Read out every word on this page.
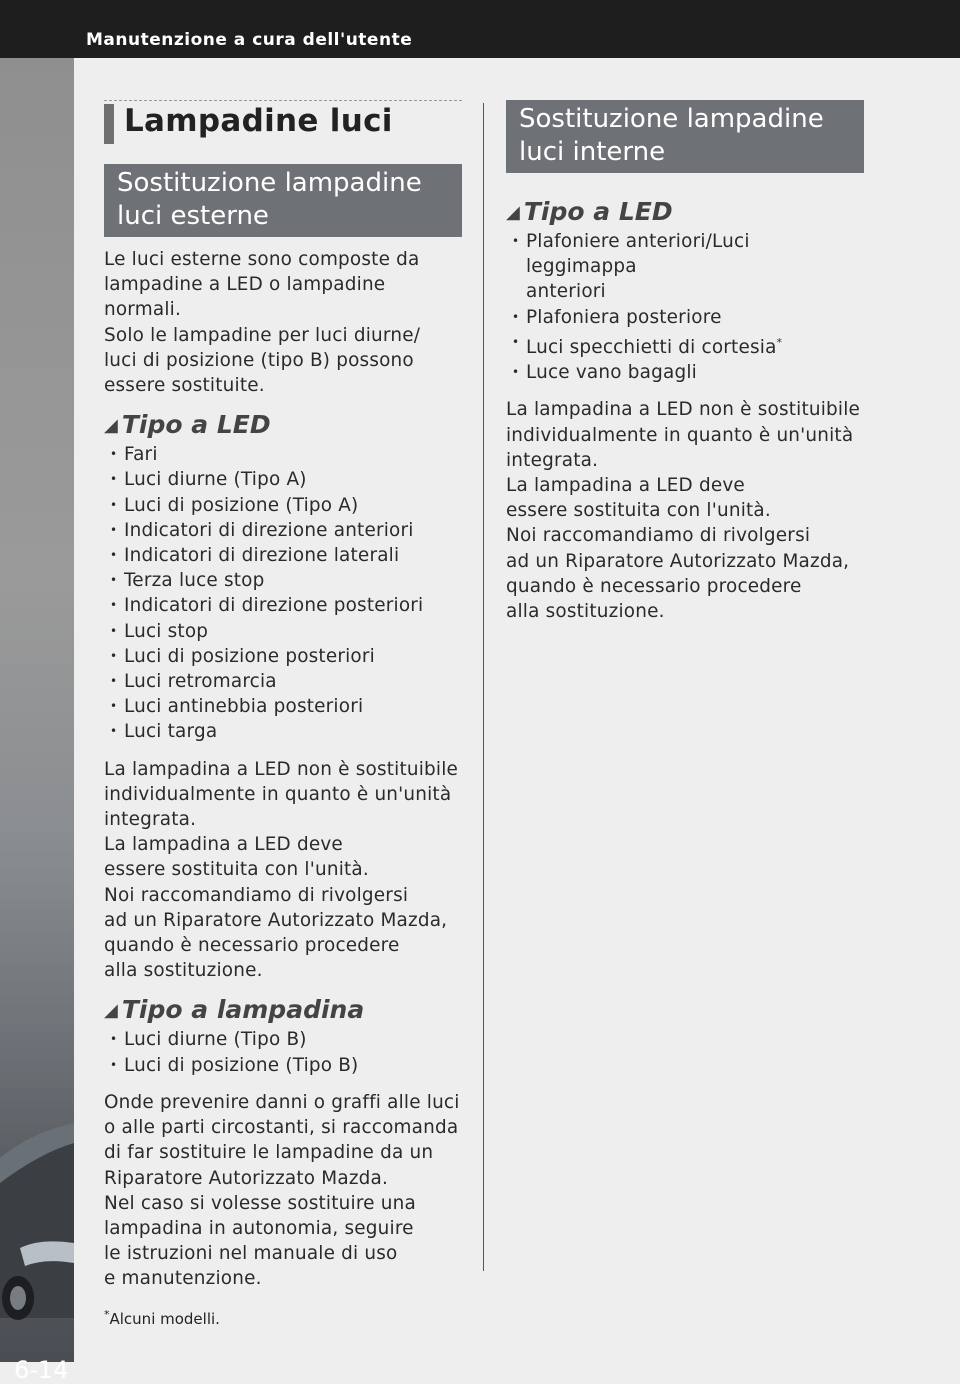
Manutenzione a cura dell'utente
6-14
Lampadine luci
Sostituzione lampadine
luci esterne

Le luci esterne sono composte da
lampadine a LED o lampadine normali.
Solo le lampadine per luci diurne/
luci di posizione (tipo B) possono
essere sostituite.

◢ Tipo a LED
• Fari
• Luci diurne (Tipo A)
• Luci di posizione (Tipo A)
• Indicatori di direzione anteriori
• Indicatori di direzione laterali
• Terza luce stop
• Indicatori di direzione posteriori
• Luci stop
• Luci di posizione posteriori
• Luci retromarcia
• Luci antinebbia posteriori
• Luci targa

La lampadina a LED non è sostituibile
individualmente in quanto è un'unità
integrata.
La lampadina a LED deve
essere sostituita con l'unità.
Noi raccomandiamo di rivolgersi
ad un Riparatore Autorizzato Mazda,
quando è necessario procedere
alla sostituzione.

◢ Tipo a lampadina
• Luci diurne (Tipo B)
• Luci di posizione (Tipo B)

Onde prevenire danni o graffi alle luci
o alle parti circostanti, si raccomanda
di far sostituire le lampadine da un
Riparatore Autorizzato Mazda.
Nel caso si volesse sostituire una
lampadina in autonomia, seguire
le istruzioni nel manuale di uso
e manutenzione.

Sostituzione lampadine
luci interne
◢ Tipo a LED
• Plafoniere anteriori/Luci leggimappa
anteriori
• Plafoniera posteriore
• Luci specchietti di cortesia*
• Luce vano bagagli

La lampadina a LED non è sostituibile
individualmente in quanto è un'unità
integrata.
La lampadina a LED deve
essere sostituita con l'unità.
Noi raccomandiamo di rivolgersi
ad un Riparatore Autorizzato Mazda,
quando è necessario procedere
alla sostituzione.

*Alcuni modelli.
